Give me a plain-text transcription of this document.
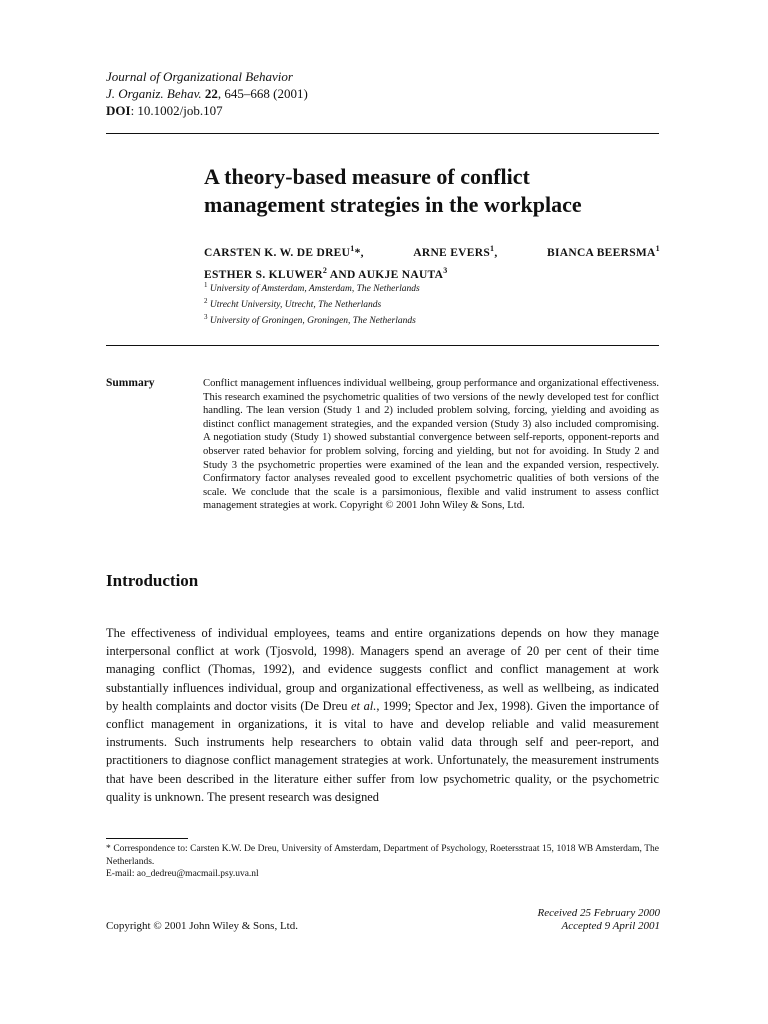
Journal of Organizational Behavior
J. Organiz. Behav. 22, 645–668 (2001)
DOI: 10.1002/job.107
A theory-based measure of conflict
management strategies in the workplace
CARSTEN K. W. DE DREU$^1$*,	ARNE EVERS$^1$,	BIANCA BEERSMA$^1$
ESTHER S. KLUWER$^2$ AND AUKJE NAUTA$^3$
$^1$ University of Amsterdam, Amsterdam, The Netherlands
$^2$ Utrecht University, Utrecht, The Netherlands
$^3$ University of Groningen, Groningen, The Netherlands
Summary	Conflict management influences individual wellbeing, group performance and organizational effectiveness. This research examined the psychometric qualities of two versions of the newly developed test for conflict handling. The lean version (Study 1 and 2) included problem solving, forcing, yielding and avoiding as distinct conflict management strategies, and the expanded version (Study 3) also included compromising. A negotiation study (Study 1) showed substantial convergence between self-reports, opponent-reports and observer rated behavior for problem solving, forcing and yielding, but not for avoiding. In Study 2 and Study 3 the psychometric properties were examined of the lean and the expanded version, respectively. Confirmatory factor analyses revealed good to excellent psychometric qualities of both versions of the scale. We conclude that the scale is a parsimonious, flexible and valid instrument to assess conflict management strategies at work. Copyright © 2001 John Wiley & Sons, Ltd.
Introduction
The effectiveness of individual employees, teams and entire organizations depends on how they manage interpersonal conflict at work (Tjosvold, 1998). Managers spend an average of 20 per cent of their time managing conflict (Thomas, 1992), and evidence suggests conflict and conflict management at work substantially influences individual, group and organizational effectiveness, as well as wellbeing, as indicated by health complaints and doctor visits (De Dreu et al., 1999; Spector and Jex, 1998). Given the importance of conflict management in organizations, it is vital to have and develop reliable and valid measurement instruments. Such instruments help researchers to obtain valid data through self and peer-report, and practitioners to diagnose conflict management strategies at work. Unfortunately, the measurement instruments that have been described in the literature either suffer from low psychometric quality, or the psychometric quality is unknown. The present research was designed
* Correspondence to: Carsten K.W. De Dreu, University of Amsterdam, Department of Psychology, Roetersstraat 15, 1018 WB Amsterdam, The Netherlands.
E-mail: ao_dedreu@macmail.psy.uva.nl
Copyright © 2001 John Wiley & Sons, Ltd.
Received 25 February 2000
Accepted 9 April 2001
